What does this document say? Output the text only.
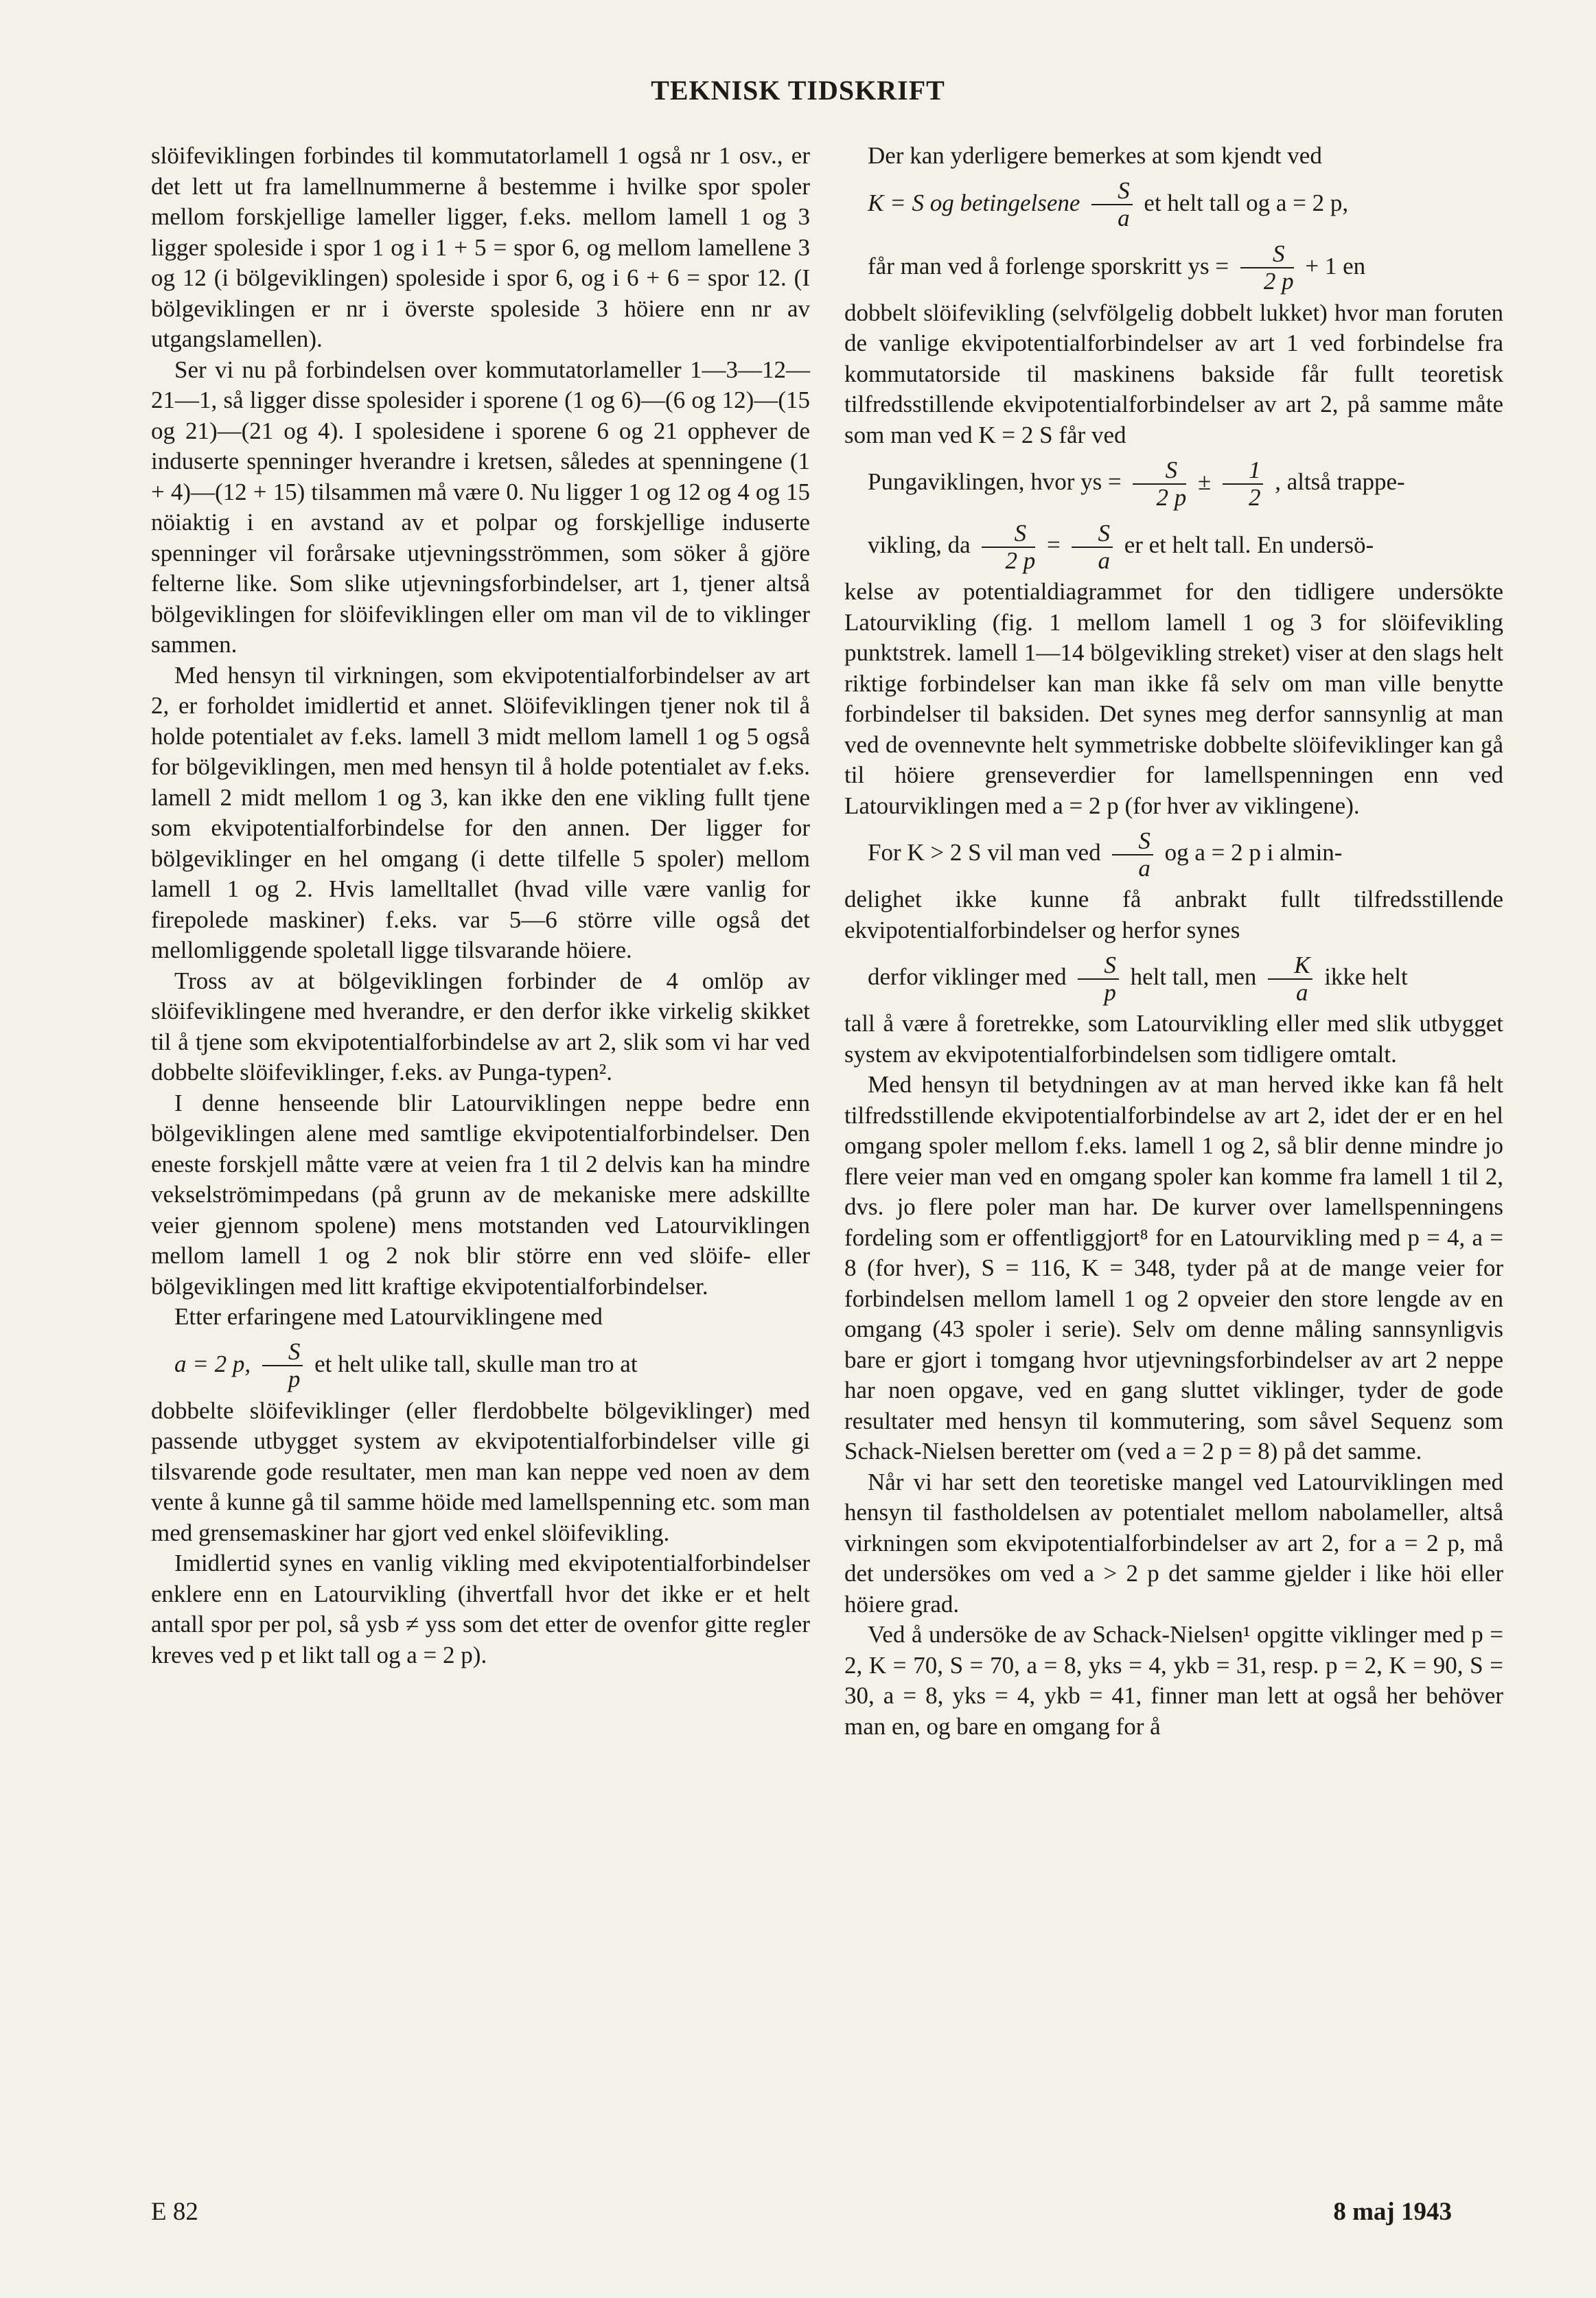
TEKNISK TIDSKRIFT

slöifeviklingen forbindes til kommutatorlamell 1 også nr 1 osv., er det lett ut fra lamellnummerne å bestemme i hvilke spor spoler mellom forskjellige lameller ligger, f.eks. mellom lamell 1 og 3 ligger spoleside i spor 1 og i 1 + 5 = spor 6, og mellom lamellene 3 og 12 (i bölgeviklingen) spoleside i spor 6, og i 6 + 6 = spor 12. (I bölgeviklingen er nr i överste spoleside 3 höiere enn nr av utgangslamellen).

Ser vi nu på forbindelsen over kommutatorlameller 1—3—12—21—1, så ligger disse spolesider i sporene (1 og 6)—(6 og 12)—(15 og 21)—(21 og 4). I spolesidene i sporene 6 og 21 opphever de induserte spenninger hverandre i kretsen, således at spenningene (1 + 4)—(12 + 15) tilsammen må være 0. Nu ligger 1 og 12 og 4 og 15 nöiaktig i en avstand av et polpar og forskjellige induserte spenninger vil forårsake utjevningsströmmen, som söker å gjöre felterne like. Som slike utjevningsforbindelser, art 1, tjener altså bölgeviklingen for slöifeviklingen eller om man vil de to viklinger sammen.

Med hensyn til virkningen, som ekvipotentialforbindelser av art 2, er forholdet imidlertid et annet. Slöifeviklingen tjener nok til å holde potentialet av f.eks. lamell 3 midt mellom lamell 1 og 5 også for bölgeviklingen, men med hensyn til å holde potentialet av f.eks. lamell 2 midt mellom 1 og 3, kan ikke den ene vikling fullt tjene som ekvipotentialforbindelse for den annen. Der ligger for bölgeviklinger en hel omgang (i dette tilfelle 5 spoler) mellom lamell 1 og 2. Hvis lamelltallet (hvad ville være vanlig for firepolede maskiner) f.eks. var 5—6 större ville også det mellomliggende spoletall ligge tilsvarande höiere.

Tross av at bölgeviklingen forbinder de 4 omlöp av slöifeviklingene med hverandre, er den derfor ikke virkelig skikket til å tjene som ekvipotentialforbindelse av art 2, slik som vi har ved dobbelte slöifeviklinger, f.eks. av Punga-typen².

I denne henseende blir Latourviklingen neppe bedre enn bölgeviklingen alene med samtlige ekvipotentialforbindelser. Den eneste forskjell måtte være at veien fra 1 til 2 delvis kan ha mindre vekselströmimpedans (på grunn av de mekaniske mere adskillte veier gjennom spolene) mens motstanden ved Latourviklingen mellom lamell 1 og 2 nok blir större enn ved slöife- eller bölgeviklingen med litt kraftige ekvipotentialforbindelser.

Etter erfaringene med Latourviklingene med

a = 2 p, $\frac{S}{p}$ et helt ulike tall, skulle man tro at

dobbelte slöifeviklinger (eller flerdobbelte bölgeviklinger) med passende utbygget system av ekvipotentialforbindelser ville gi tilsvarende gode resultater, men man kan neppe ved noen av dem vente å kunne gå til samme höide med lamellspenning etc. som man med grensemaskiner har gjort ved enkel slöifevikling.

Imidlertid synes en vanlig vikling med ekvipotentialforbindelser enklere enn en Latourvikling (ihvertfall hvor det ikke er et helt antall spor per pol, så ysb ≠ yss som det etter de ovenfor gitte regler kreves ved p et likt tall og a = 2 p).

Der kan yderligere bemerkes at som kjendt ved

K = S og betingelsene $\frac{S}{a}$ et helt tall og a = 2 p,

får man ved å forlenge sporskritt ys = $\frac{S}{2 p} + 1$ en

dobbelt slöifevikling (selvfölgelig dobbelt lukket) hvor man foruten de vanlige ekvipotentialforbindelser av art 1 ved forbindelse fra kommutatorside til maskinens bakside får fullt teoretisk tilfredsstillende ekvipotentialforbindelser av art 2, på samme måte som man ved K = 2 S får ved

Pungaviklingen, hvor ys = $\frac{S}{2 p} \pm \frac{1}{2}$ , altså trappe-

vikling, da $\frac{S}{2 p} = \frac{S}{a}$ er et helt tall. En undersö-

kelse av potentialdiagrammet for den tidligere undersökte Latourvikling (fig. 1 mellom lamell 1 og 3 for slöifevikling punktstrek. lamell 1—14 bölgevikling streket) viser at den slags helt riktige forbindelser kan man ikke få selv om man ville benytte forbindelser til baksiden. Det synes meg derfor sannsynlig at man ved de ovennevnte helt symmetriske dobbelte slöifeviklinger kan gå til höiere grenseverdier for lamellspenningen enn ved Latourviklingen med a = 2 p (for hver av viklingene).

For K > 2 S vil man ved $\frac{S}{a}$ og a = 2 p i almin-

delighet ikke kunne få anbrakt fullt tilfredsstillende ekvipotentialforbindelser og herfor synes

derfor viklinger med $\frac{S}{p}$ helt tall, men $\frac{K}{a}$ ikke helt

tall å være å foretrekke, som Latourvikling eller med slik utbygget system av ekvipotentialforbindelsen som tidligere omtalt.

Med hensyn til betydningen av at man herved ikke kan få helt tilfredsstillende ekvipotentialforbindelse av art 2, idet der er en hel omgang spoler mellom f.eks. lamell 1 og 2, så blir denne mindre jo flere veier man ved en omgang spoler kan komme fra lamell 1 til 2, dvs. jo flere poler man har. De kurver over lamellspenningens fordeling som er offentliggjort⁸ for en Latourvikling med p = 4, a = 8 (for hver), S = 116, K = 348, tyder på at de mange veier for forbindelsen mellom lamell 1 og 2 opveier den store lengde av en omgang (43 spoler i serie). Selv om denne måling sannsynligvis bare er gjort i tomgang hvor utjevningsforbindelser av art 2 neppe har noen opgave, ved en gang sluttet viklinger, tyder de gode resultater med hensyn til kommutering, som såvel Sequenz som Schack-Nielsen beretter om (ved a = 2 p = 8) på det samme.

Når vi har sett den teoretiske mangel ved Latourviklingen med hensyn til fastholdelsen av potentialet mellom nabolameller, altså virkningen som ekvipotentialforbindelser av art 2, for a = 2 p, må det undersökes om ved a > 2 p det samme gjelder i like höi eller höiere grad.

Ved å undersöke de av Schack-Nielsen¹ opgitte viklinger med p = 2, K = 70, S = 70, a = 8, yks = 4, ykb = 31, resp. p = 2, K = 90, S = 30, a = 8, yks = 4, ykb = 41, finner man lett at også her behöver man en, og bare en omgang for å

E 82	8 maj 1943
